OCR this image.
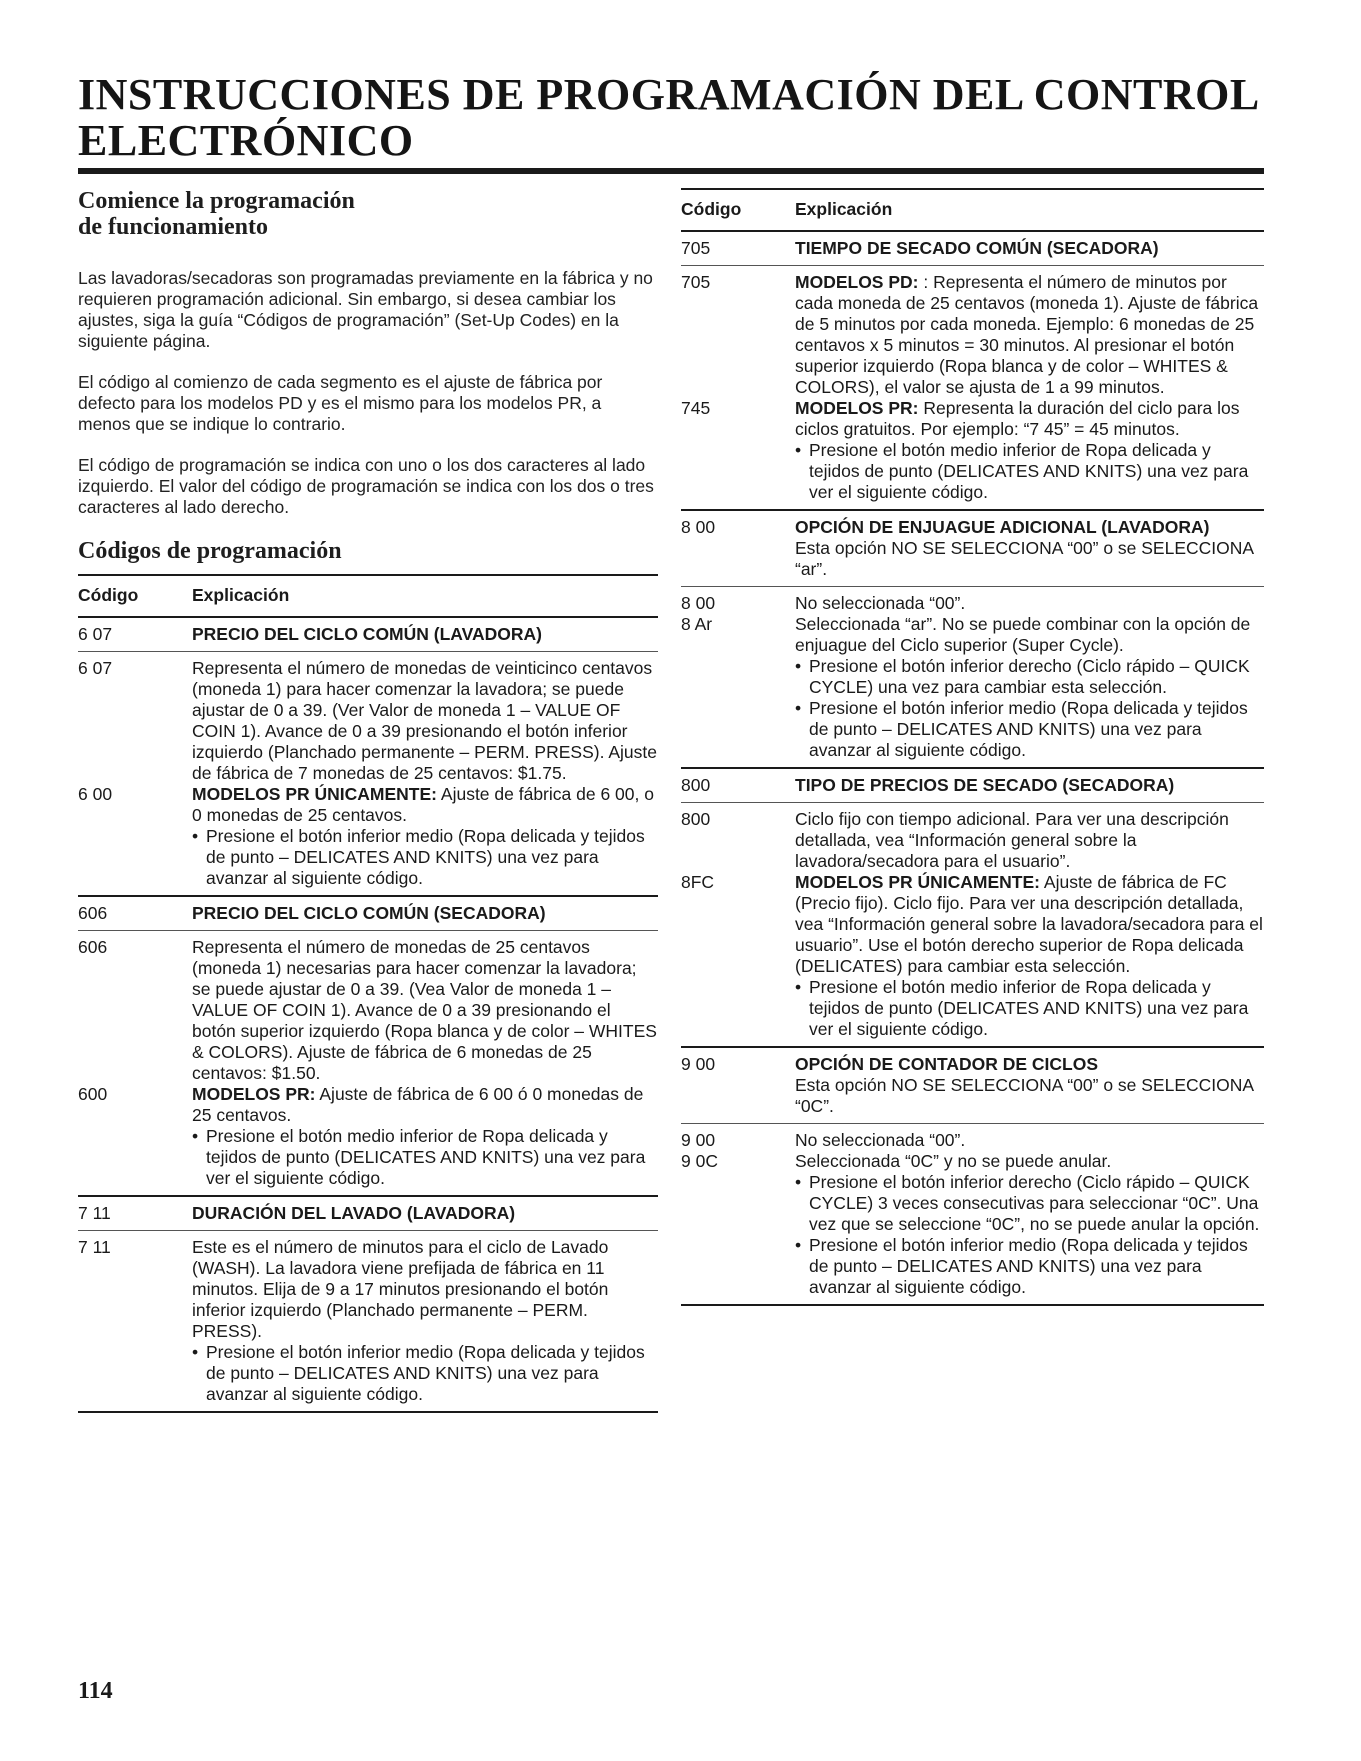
INSTRUCCIONES DE PROGRAMACIÓN DEL CONTROL ELECTRÓNICO
Comience la programación
de funcionamiento

Las lavadoras/secadoras son programadas previamente en la fábrica y no requieren programación adicional. Sin embargo, si desea cambiar los ajustes, siga la guía “Códigos de programación” (Set-Up Codes) en la siguiente página.

El código al comienzo de cada segmento es el ajuste de fábrica por defecto para los modelos PD y es el mismo para los modelos PR, a menos que se indique lo contrario.

El código de programación se indica con uno o los dos caracteres al lado izquierdo. El valor del código de programación se indica con los dos o tres caracteres al lado derecho.

Códigos de programación
Código	Explicación
6 07	PRECIO DEL CICLO COMÚN (LAVADORA)
6 07	Representa el número de monedas de veinticinco centavos (moneda 1) para hacer comenzar la lavadora; se puede ajustar de 0 a 39. (Ver Valor de moneda 1 – VALUE OF COIN 1). Avance de 0 a 39 presionando el botón inferior izquierdo (Planchado permanente – PERM. PRESS). Ajuste de fábrica de 7 monedas de 25 centavos: $1.75.
6 00	MODELOS PR ÚNICAMENTE: Ajuste de fábrica de 6 00, o 0 monedas de 25 centavos.
• Presione el botón inferior medio (Ropa delicada y tejidos de punto – DELICATES AND KNITS) una vez para avanzar al siguiente código.
606	PRECIO DEL CICLO COMÚN (SECADORA)
606	Representa el número de monedas de 25 centavos (moneda 1) necesarias para hacer comenzar la lavadora; se puede ajustar de 0 a 39. (Vea Valor de moneda 1 – VALUE OF COIN 1). Avance de 0 a 39 presionando el botón superior izquierdo (Ropa blanca y de color – WHITES & COLORS). Ajuste de fábrica de 6 monedas de 25 centavos: $1.50.
600	MODELOS PR: Ajuste de fábrica de 6 00 ó 0 monedas de 25 centavos.
• Presione el botón medio inferior de Ropa delicada y tejidos de punto (DELICATES AND KNITS) una vez para ver el siguiente código.
7 11	DURACIÓN DEL LAVADO (LAVADORA)
7 11	Este es el número de minutos para el ciclo de Lavado (WASH). La lavadora viene prefijada de fábrica en 11 minutos. Elija de 9 a 17 minutos presionando el botón inferior izquierdo (Planchado permanente – PERM. PRESS).
• Presione el botón inferior medio (Ropa delicada y tejidos de punto – DELICATES AND KNITS) una vez para avanzar al siguiente código.
Código	Explicación
705	TIEMPO DE SECADO COMÚN (SECADORA)
705	MODELOS PD: : Representa el número de minutos por cada moneda de 25 centavos (moneda 1). Ajuste de fábrica de 5 minutos por cada moneda. Ejemplo: 6 monedas de 25 centavos x 5 minutos = 30 minutos. Al presionar el botón superior izquierdo (Ropa blanca y de color – WHITES & COLORS), el valor se ajusta de 1 a 99 minutos.
745	MODELOS PR: Representa la duración del ciclo para los ciclos gratuitos. Por ejemplo: “7 45” = 45 minutos.
• Presione el botón medio inferior de Ropa delicada y tejidos de punto (DELICATES AND KNITS) una vez para ver el siguiente código.
8 00	OPCIÓN DE ENJUAGUE ADICIONAL (LAVADORA)
Esta opción NO SE SELECCIONA “00” o se SELECCIONA “ar”.
8 00	No seleccionada “00”.
8 Ar	Seleccionada “ar”. No se puede combinar con la opción de enjuague del Ciclo superior (Super Cycle).
• Presione el botón inferior derecho (Ciclo rápido – QUICK CYCLE) una vez para cambiar esta selección.
• Presione el botón inferior medio (Ropa delicada y tejidos de punto – DELICATES AND KNITS) una vez para avanzar al siguiente código.
800	TIPO DE PRECIOS DE SECADO (SECADORA)
800	Ciclo fijo con tiempo adicional. Para ver una descripción detallada, vea “Información general sobre la lavadora/secadora para el usuario”.
8FC	MODELOS PR ÚNICAMENTE: Ajuste de fábrica de FC (Precio fijo). Ciclo fijo. Para ver una descripción detallada, vea “Información general sobre la lavadora/secadora para el usuario”. Use el botón derecho superior de Ropa delicada (DELICATES) para cambiar esta selección.
• Presione el botón medio inferior de Ropa delicada y tejidos de punto (DELICATES AND KNITS) una vez para ver el siguiente código.
9 00	OPCIÓN DE CONTADOR DE CICLOS
Esta opción NO SE SELECCIONA “00” o se SELECCIONA “0C”.
9 00	No seleccionada “00”.
9 0C	Seleccionada “0C” y no se puede anular.
• Presione el botón inferior derecho (Ciclo rápido – QUICK CYCLE) 3 veces consecutivas para seleccionar “0C”. Una vez que se seleccione “0C”, no se puede anular la opción.
• Presione el botón inferior medio (Ropa delicada y tejidos de punto – DELICATES AND KNITS) una vez para avanzar al siguiente código.
114
